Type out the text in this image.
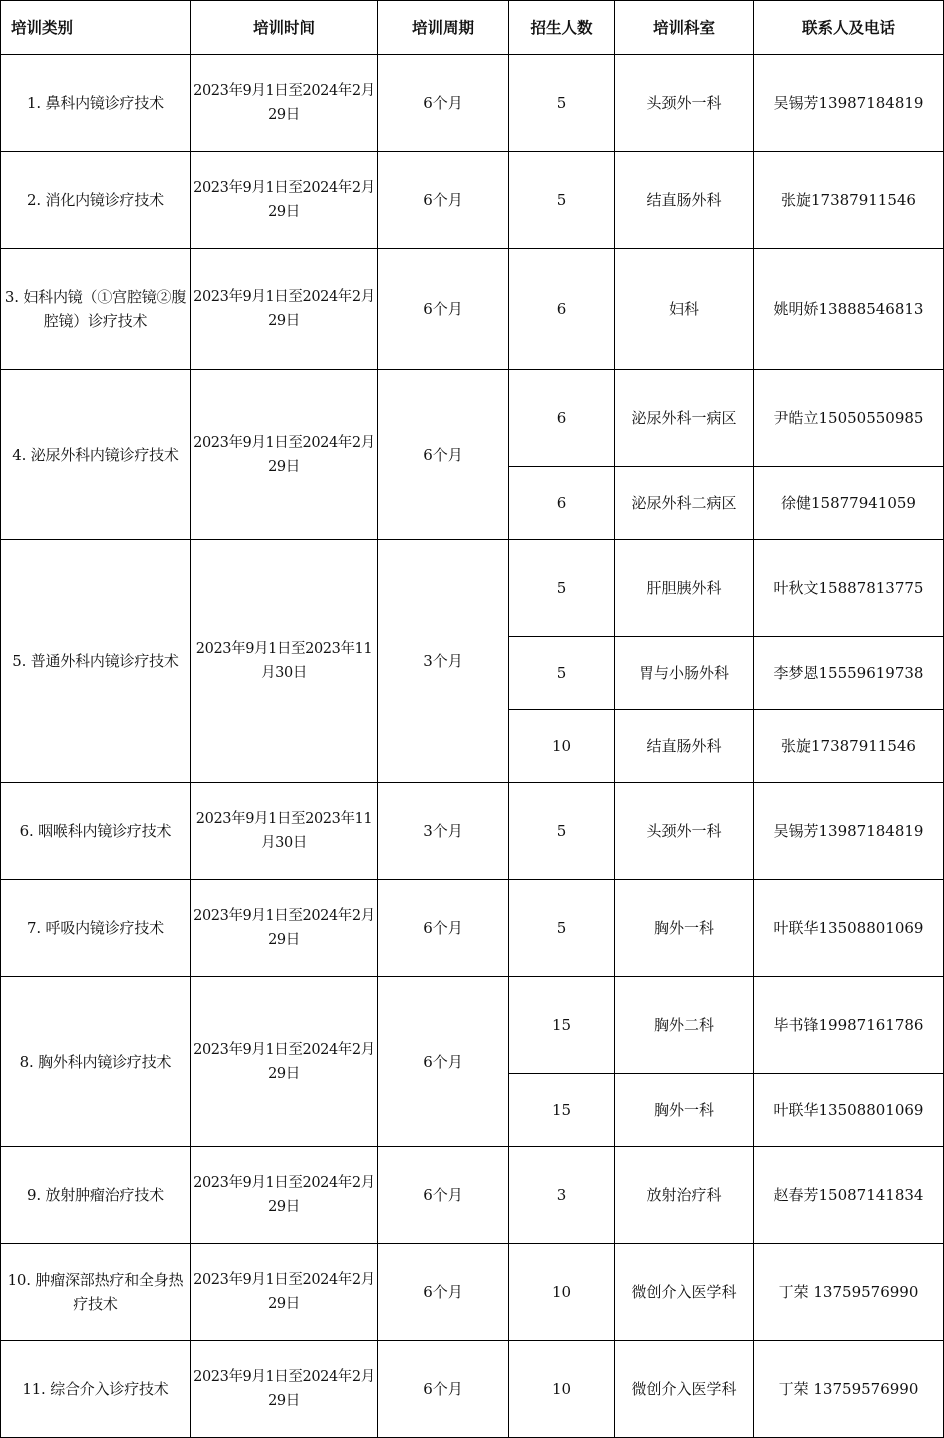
培训类别	培训时间	培训周期	招生人数	培训科室	联系人及电话
1. 鼻科内镜诊疗技术	2023年9月1日至2024年2月29日	6个月	5	头颈外一科	吴锡芳13987184819
2. 消化内镜诊疗技术	2023年9月1日至2024年2月29日	6个月	5	结直肠外科	张旋17387911546
3. 妇科内镜（①宫腔镜②腹腔镜）诊疗技术	2023年9月1日至2024年2月29日	6个月	6	妇科	姚明娇13888546813
4. 泌尿外科内镜诊疗技术	2023年9月1日至2024年2月29日	6个月	6	泌尿外科一病区	尹皓立15050550985
			6	泌尿外科二病区	徐健15877941059
5. 普通外科内镜诊疗技术	2023年9月1日至2023年11月30日	3个月	5	肝胆胰外科	叶秋文15887813775
			5	胃与小肠外科	李梦恩15559619738
			10	结直肠外科	张旋17387911546
6. 咽喉科内镜诊疗技术	2023年9月1日至2023年11月30日	3个月	5	头颈外一科	吴锡芳13987184819
7. 呼吸内镜诊疗技术	2023年9月1日至2024年2月29日	6个月	5	胸外一科	叶联华13508801069
8. 胸外科内镜诊疗技术	2023年9月1日至2024年2月29日	6个月	15	胸外二科	毕书锋19987161786
			15	胸外一科	叶联华13508801069
9. 放射肿瘤治疗技术	2023年9月1日至2024年2月29日	6个月	3	放射治疗科	赵春芳15087141834
10. 肿瘤深部热疗和全身热疗技术	2023年9月1日至2024年2月29日	6个月	10	微创介入医学科	丁荣 13759576990
11. 综合介入诊疗技术	2023年9月1日至2024年2月29日	6个月	10	微创介入医学科	丁荣 13759576990
